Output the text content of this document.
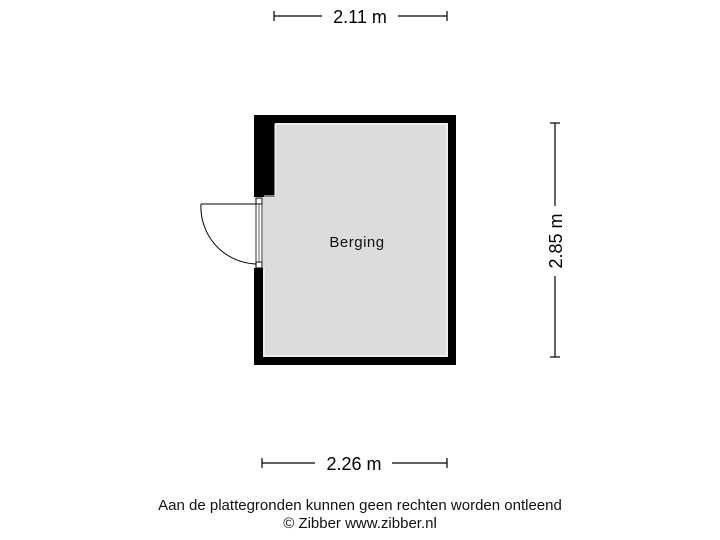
2.11 m
2.85 m
Berging
2.26 m
Aan de plattegronden kunnen geen rechten worden ontleend
© Zibber www.zibber.nl
